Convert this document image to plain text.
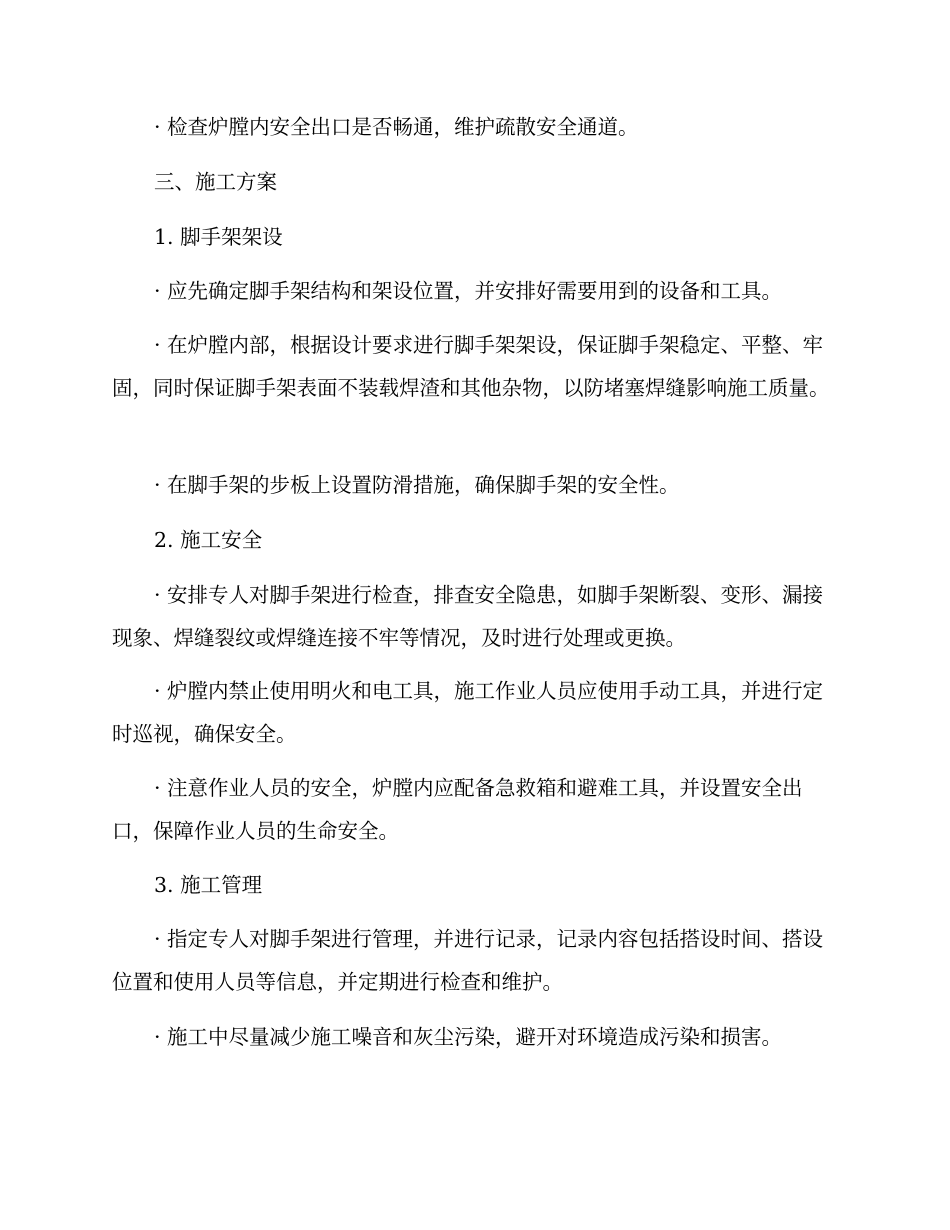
· 检查炉膛内安全出口是否畅通，维护疏散安全通道。

三、施工方案
1. 脚手架架设

· 应先确定脚手架结构和架设位置，并安排好需要用到的设备和工具。

· 在炉膛内部，根据设计要求进行脚手架架设，保证脚手架稳定、平整、牢固，同时保证脚手架表面不装载焊渣和其他杂物，以防堵塞焊缝影响施工质量。

· 在脚手架的步板上设置防滑措施，确保脚手架的安全性。

2. 施工安全

· 安排专人对脚手架进行检查，排查安全隐患，如脚手架断裂、变形、漏接现象、焊缝裂纹或焊缝连接不牢等情况，及时进行处理或更换。

· 炉膛内禁止使用明火和电工具，施工作业人员应使用手动工具，并进行定时巡视，确保安全。

· 注意作业人员的安全，炉膛内应配备急救箱和避难工具，并设置安全出口，保障作业人员的生命安全。

3. 施工管理

· 指定专人对脚手架进行管理，并进行记录，记录内容包括搭设时间、搭设位置和使用人员等信息，并定期进行检查和维护。

· 施工中尽量减少施工噪音和灰尘污染，避开对环境造成污染和损害。
